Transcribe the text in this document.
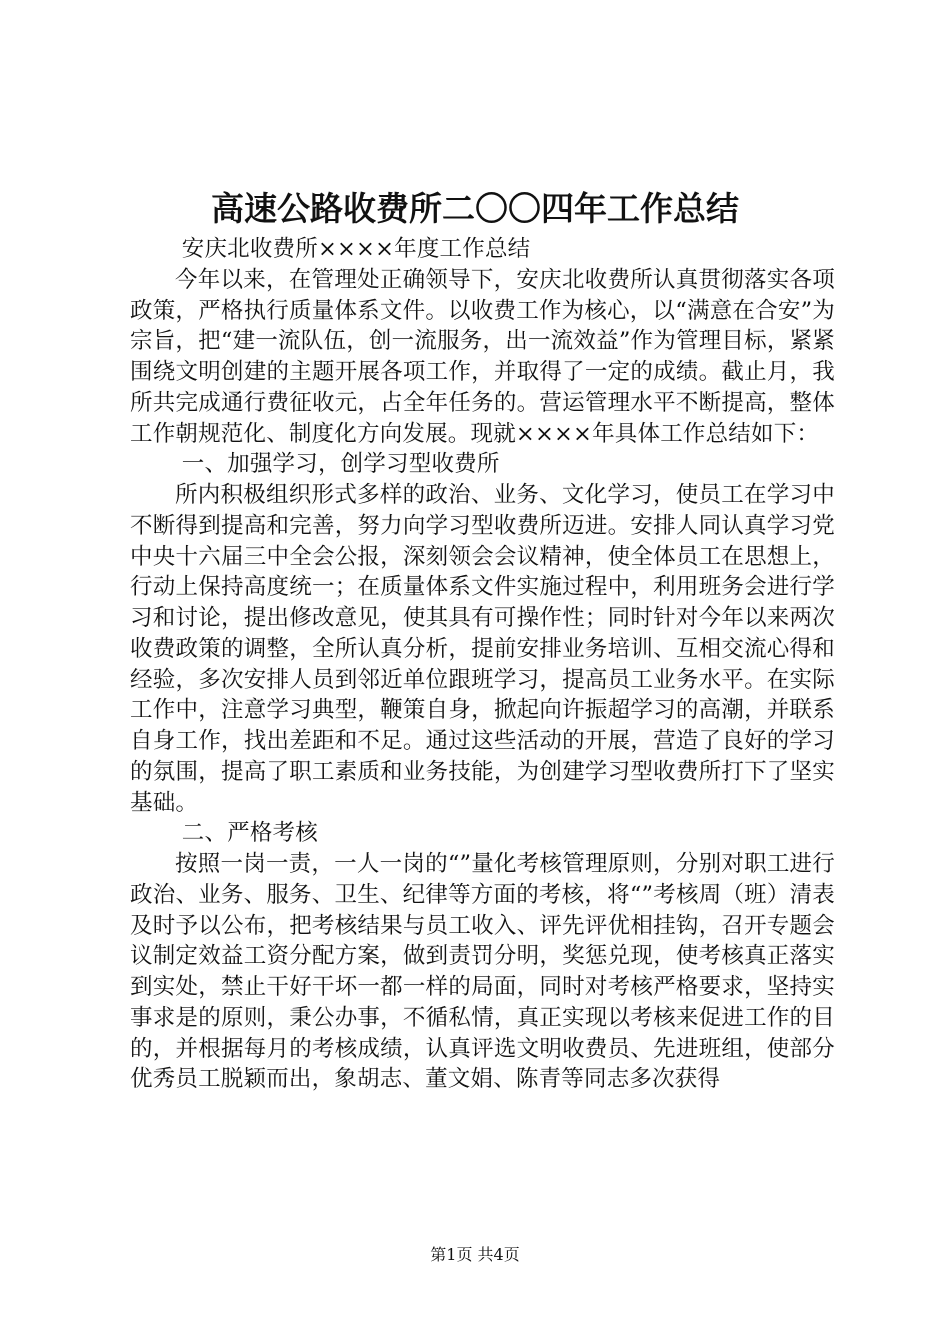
高速公路收费所二〇〇四年工作总结

安庆北收费所××××年度工作总结

今年以来，在管理处正确领导下，安庆北收费所认真贯彻落实各项政策，严格执行质量体系文件。以收费工作为核心，以“满意在合安”为宗旨，把“建一流队伍，创一流服务，出一流效益”作为管理目标，紧紧围绕文明创建的主题开展各项工作，并取得了一定的成绩。截止月，我所共完成通行费征收元，占全年任务的。营运管理水平不断提高，整体工作朝规范化、制度化方向发展。现就××××年具体工作总结如下：

一、加强学习，创学习型收费所

所内积极组织形式多样的政治、业务、文化学习，使员工在学习中不断得到提高和完善，努力向学习型收费所迈进。安排人同认真学习党中央十六届三中全会公报，深刻领会会议精神，使全体员工在思想上，行动上保持高度统一；在质量体系文件实施过程中，利用班务会进行学习和讨论，提出修改意见，使其具有可操作性；同时针对今年以来两次收费政策的调整，全所认真分析，提前安排业务培训、互相交流心得和经验，多次安排人员到邻近单位跟班学习，提高员工业务水平。在实际工作中，注意学习典型，鞭策自身，掀起向许振超学习的高潮，并联系自身工作，找出差距和不足。通过这些活动的开展，营造了良好的学习的氛围，提高了职工素质和业务技能，为创建学习型收费所打下了坚实基础。

二、严格考核

按照一岗一责，一人一岗的“”量化考核管理原则，分别对职工进行政治、业务、服务、卫生、纪律等方面的考核，将“”考核周（班）清表及时予以公布，把考核结果与员工收入、评先评优相挂钩，召开专题会议制定效益工资分配方案，做到责罚分明，奖惩兑现，使考核真正落实到实处，禁止干好干坏一都一样的局面，同时对考核严格要求，坚持实事求是的原则，秉公办事，不循私情，真正实现以考核来促进工作的目的，并根据每月的考核成绩，认真评选文明收费员、先进班组，使部分优秀员工脱颖而出，象胡志、董文娟、陈青等同志多次获得

第1页 共4页
